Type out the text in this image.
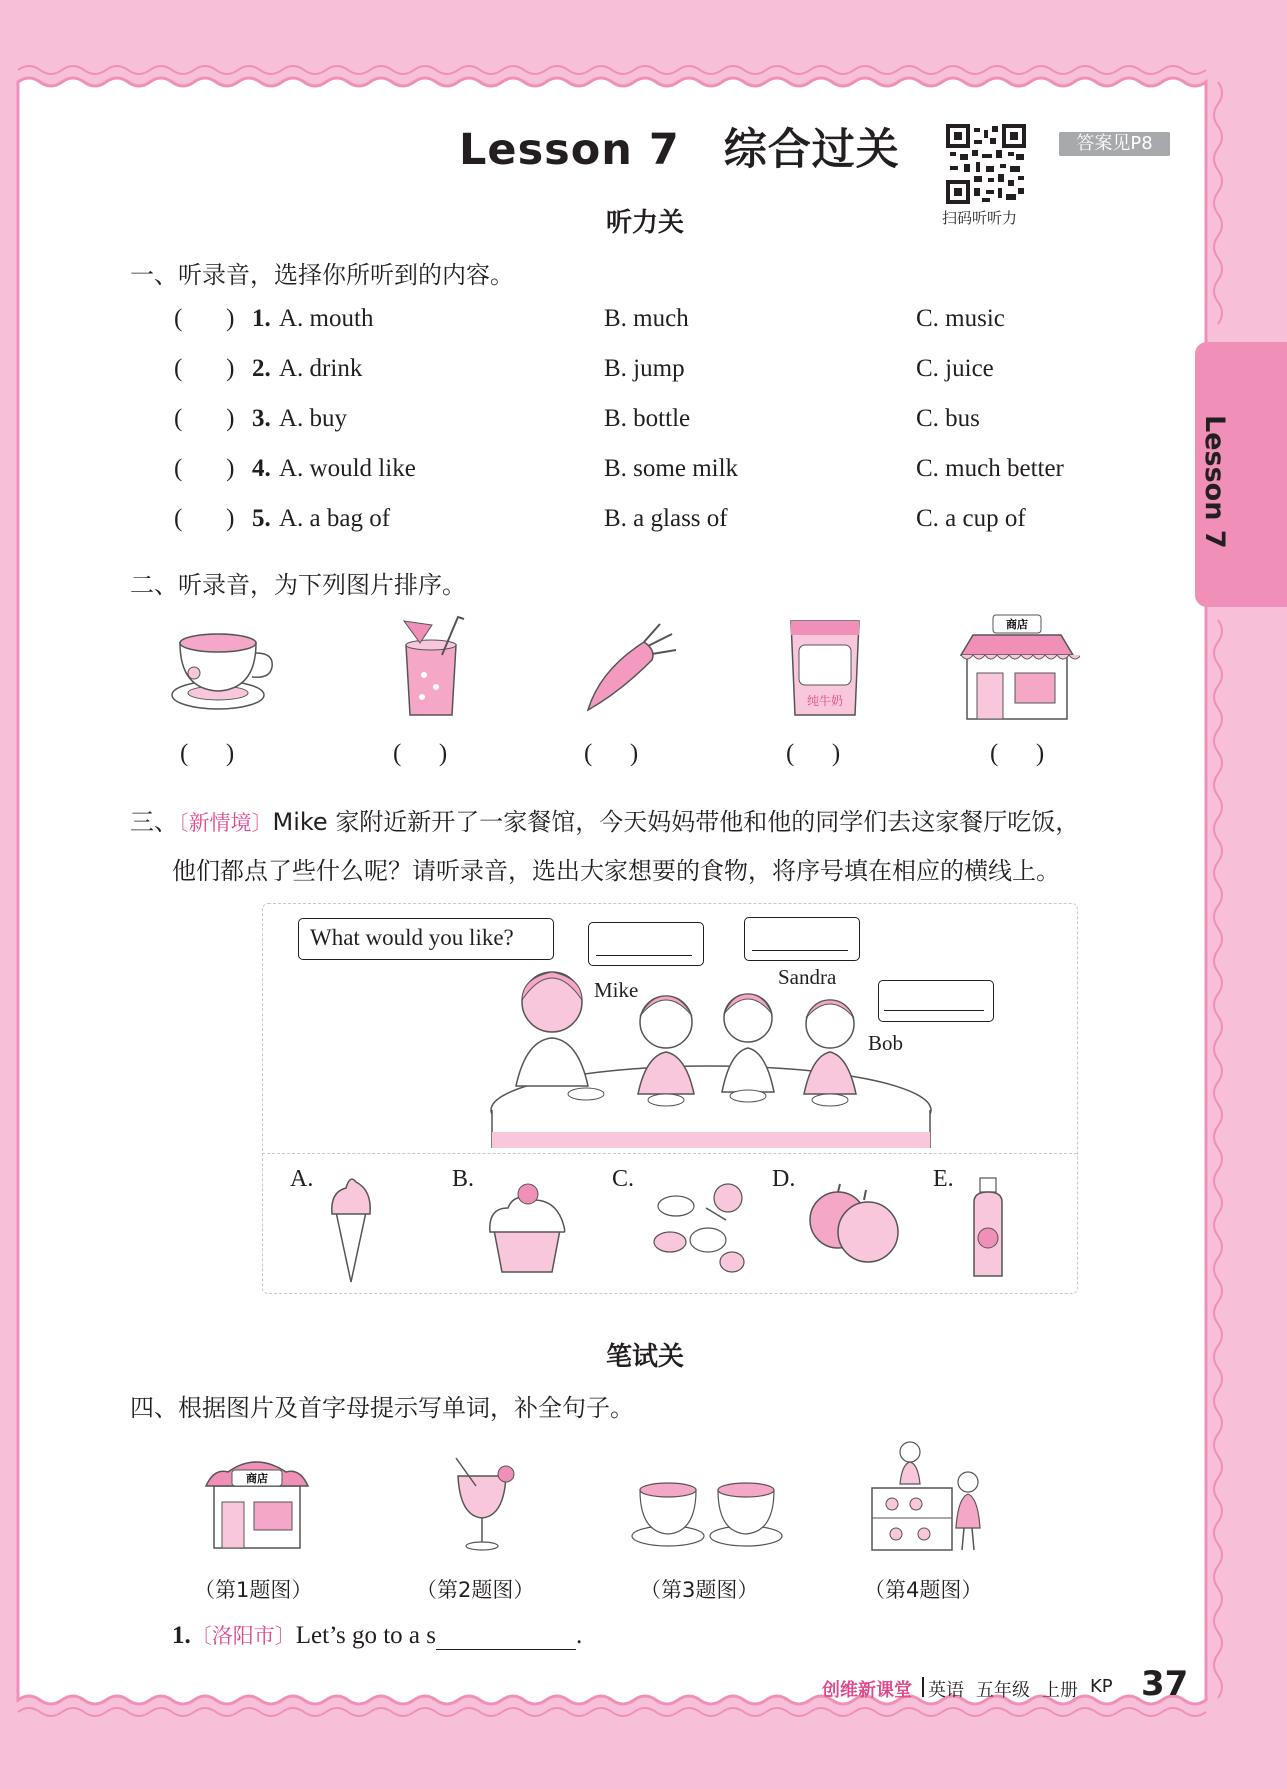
Lesson 7
Lesson 7　综合过关	答案见P8
扫码听听力
听力关
一、听录音，选择你所听到的内容。
(       ) 1. A. mouth	B. much	C. music
(       ) 2. A. drink	B. jump	C. juice
(       ) 3. A. buy	B. bottle	C. bus
(       ) 4. A. would like	B. some milk	C. much better
(       ) 5. A. a bag of	B. a glass of	C. a cup of
二、听录音，为下列图片排序。
纯牛奶
商店
(      )	(      )	(      )	(      )	(      )
三、〔新情境〕Mike 家附近新开了一家餐馆，今天妈妈带他和他的同学们去这家餐厅吃饭，
他们都点了些什么呢？请听录音，选出大家想要的食物，将序号填在相应的横线上。
What would you like?
Mike
Sandra
Bob
A.	B.	C.	D.	E.
笔试关
四、根据图片及首字母提示写单词，补全句子。
商店
（第1题图）	（第2题图）	（第3题图）	（第4题图）
1.〔洛阳市〕Let’s go to a s	.
创维新课堂 英语 五年级 上册 KP 37
